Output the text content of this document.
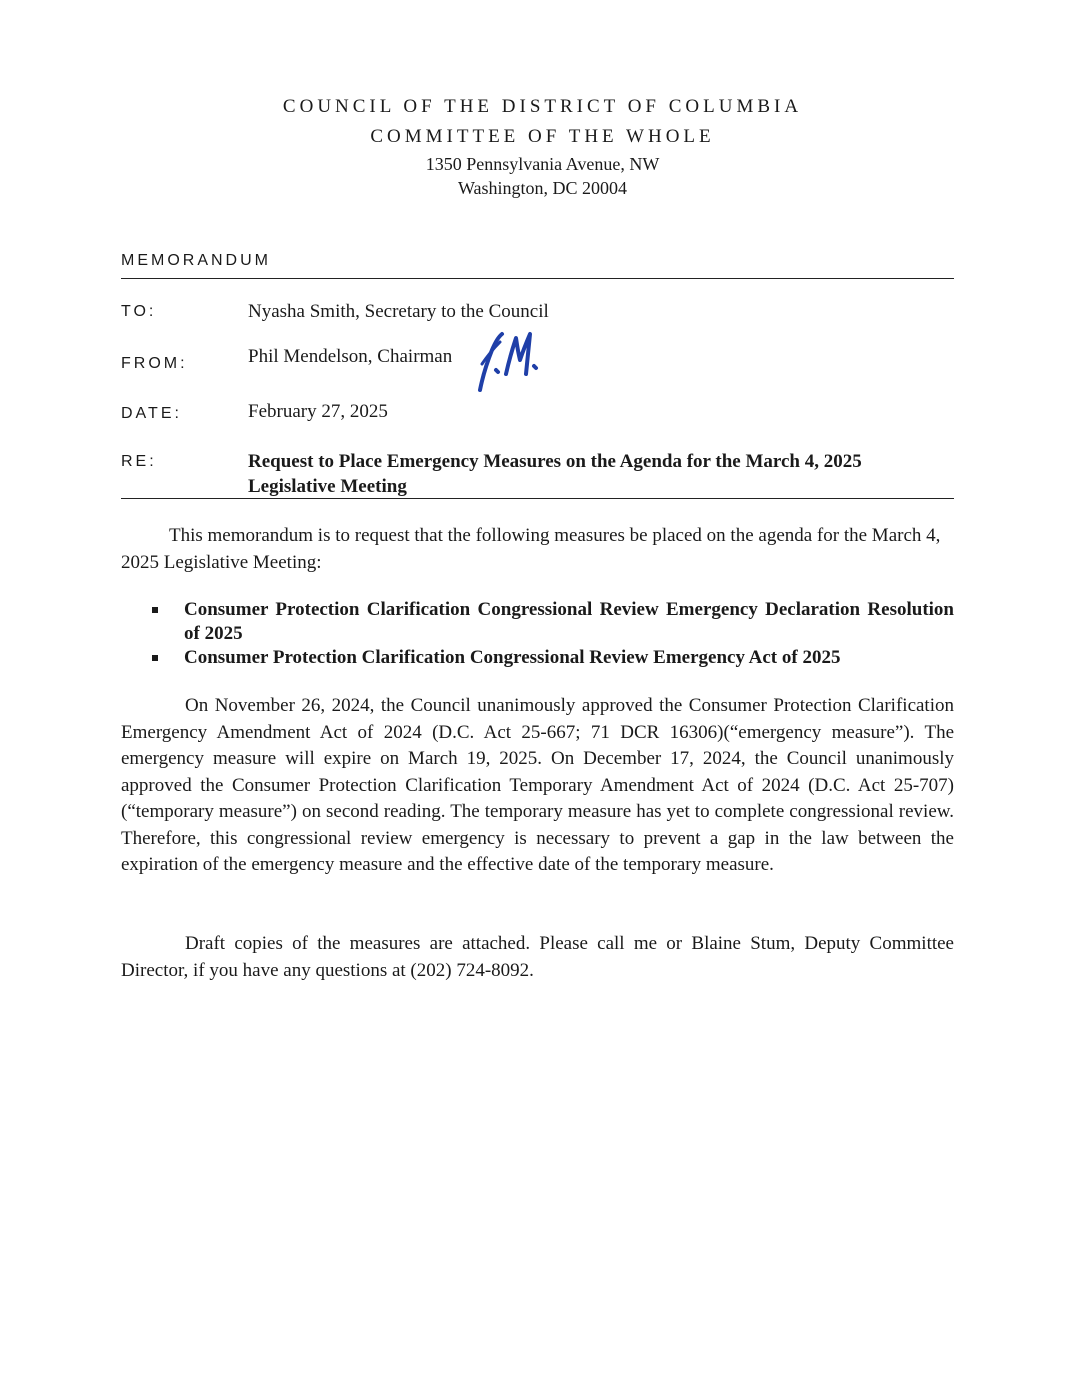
COUNCIL OF THE DISTRICT OF COLUMBIA
COMMITTEE OF THE WHOLE
1350 Pennsylvania Avenue, NW
Washington, DC 20004
MEMORANDUM
TO:	Nyasha Smith, Secretary to the Council
FROM:	Phil Mendelson, Chairman
DATE:	February 27, 2025
RE:	Request to Place Emergency Measures on the Agenda for the March 4, 2025 Legislative Meeting

This memorandum is to request that the following measures be placed on the agenda for the March 4, 2025 Legislative Meeting:

Consumer Protection Clarification Congressional Review Emergency Declaration Resolution of 2025
Consumer Protection Clarification Congressional Review Emergency Act of 2025

On November 26, 2024, the Council unanimously approved the Consumer Protection Clarification Emergency Amendment Act of 2024 (D.C. Act 25-667; 71 DCR 16306)(“emergency measure”). The emergency measure will expire on March 19, 2025. On December 17, 2024, the Council unanimously approved the Consumer Protection Clarification Temporary Amendment Act of 2024 (D.C. Act 25-707)(“temporary measure”) on second reading. The temporary measure has yet to complete congressional review. Therefore, this congressional review emergency is necessary to prevent a gap in the law between the expiration of the emergency measure and the effective date of the temporary measure.

Draft copies of the measures are attached. Please call me or Blaine Stum, Deputy Committee Director, if you have any questions at (202) 724-8092.
